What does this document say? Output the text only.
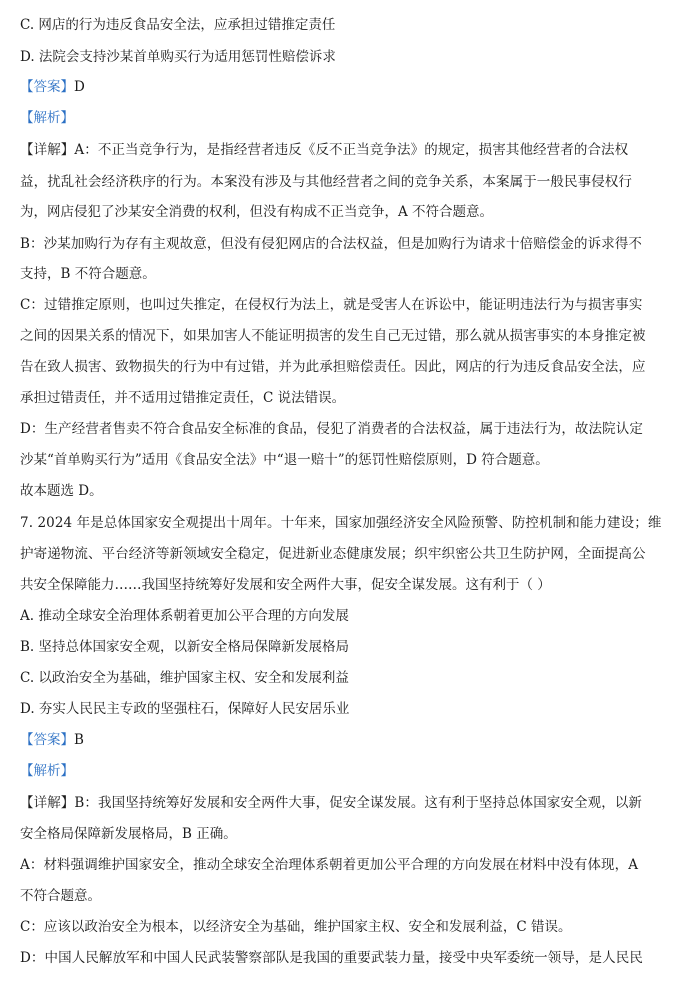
C. 网店的行为违反食品安全法，应承担过错推定责任
D. 法院会支持沙某首单购买行为适用惩罚性赔偿诉求
【答案】D
【解析】
【详解】A：不正当竞争行为，是指经营者违反《反不正当竞争法》的规定，损害其他经营者的合法权
益，扰乱社会经济秩序的行为。本案没有涉及与其他经营者之间的竞争关系，本案属于一般民事侵权行
为，网店侵犯了沙某安全消费的权利，但没有构成不正当竞争，A 不符合题意。
B：沙某加购行为存有主观故意，但没有侵犯网店的合法权益，但是加购行为请求十倍赔偿金的诉求得不
支持，B 不符合题意。
C：过错推定原则，也叫过失推定，在侵权行为法上，就是受害人在诉讼中，能证明违法行为与损害事实
之间的因果关系的情况下，如果加害人不能证明损害的发生自己无过错，那么就从损害事实的本身推定被
告在致人损害、致物损失的行为中有过错，并为此承担赔偿责任。因此，网店的行为违反食品安全法，应
承担过错责任，并不适用过错推定责任，C 说法错误。
D：生产经营者售卖不符合食品安全标准的食品，侵犯了消费者的合法权益，属于违法行为，故法院认定
沙某“首单购买行为”适用《食品安全法》中“退一赔十”的惩罚性赔偿原则，D 符合题意。
故本题选 D。
7. 2024 年是总体国家安全观提出十周年。十年来，国家加强经济安全风险预警、防控机制和能力建设；维
护寄递物流、平台经济等新领域安全稳定，促进新业态健康发展；织牢织密公共卫生防护网，全面提高公
共安全保障能力……我国坚持统筹好发展和安全两件大事，促安全谋发展。这有利于（ ）
A. 推动全球安全治理体系朝着更加公平合理的方向发展
B. 坚持总体国家安全观，以新安全格局保障新发展格局
C. 以政治安全为基础，维护国家主权、安全和发展利益
D. 夯实人民民主专政的坚强柱石，保障好人民安居乐业
【答案】B
【解析】
【详解】B：我国坚持统筹好发展和安全两件大事，促安全谋发展。这有利于坚持总体国家安全观，以新
安全格局保障新发展格局，B 正确。
A：材料强调维护国家安全，推动全球安全治理体系朝着更加公平合理的方向发展在材料中没有体现，A
不符合题意。
C：应该以政治安全为根本，以经济安全为基础，维护国家主权、安全和发展利益，C 错误。
D：中国人民解放军和中国人民武装警察部队是我国的重要武装力量，接受中央军委统一领导，是人民民
